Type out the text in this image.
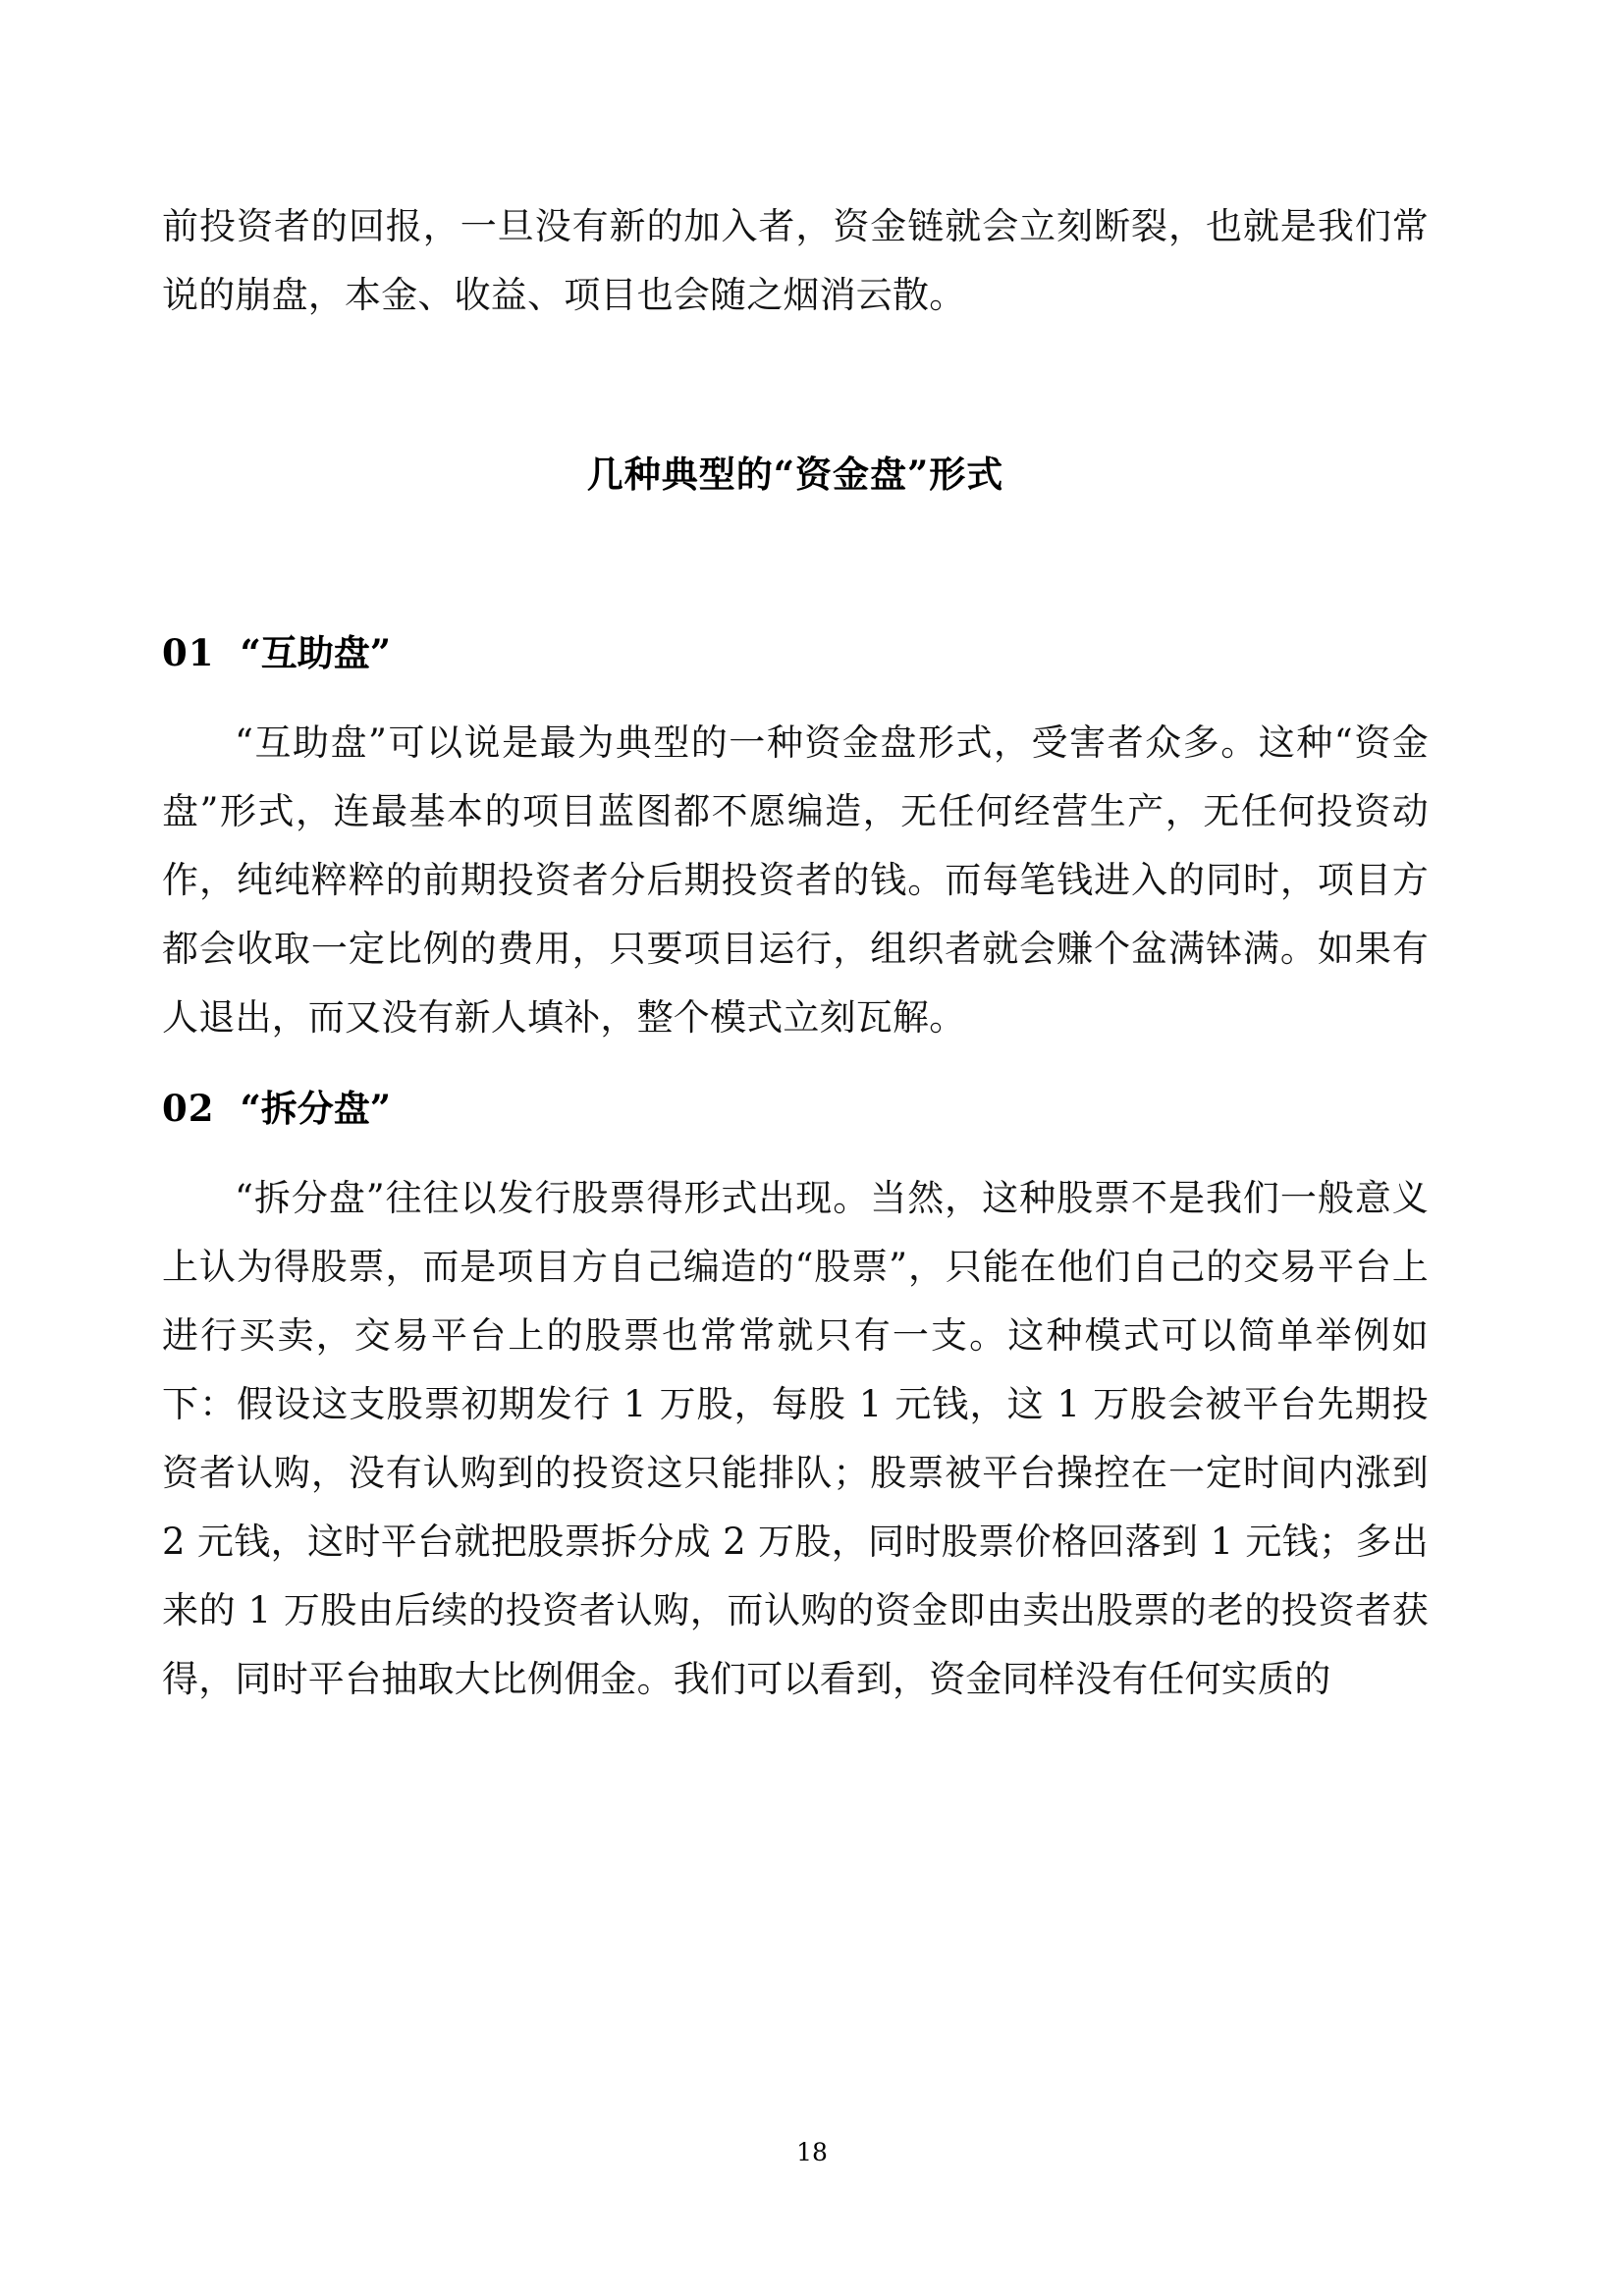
前投资者的回报，一旦没有新的加入者，资金链就会立刻断裂，也就是我们常说的崩盘，本金、收益、项目也会随之烟消云散。

几种典型的“资金盘”形式
01 “互助盘”

“互助盘”可以说是最为典型的一种资金盘形式，受害者众多。这种“资金盘”形式，连最基本的项目蓝图都不愿编造，无任何经营生产，无任何投资动作，纯纯粹粹的前期投资者分后期投资者的钱。而每笔钱进入的同时，项目方都会收取一定比例的费用，只要项目运行，组织者就会赚个盆满钵满。如果有人退出，而又没有新人填补，整个模式立刻瓦解。

02 “拆分盘”

“拆分盘”往往以发行股票得形式出现。当然，这种股票不是我们一般意义上认为得股票，而是项目方自己编造的“股票”，只能在他们自己的交易平台上进行买卖，交易平台上的股票也常常就只有一支。这种模式可以简单举例如下：假设这支股票初期发行 1 万股，每股 1 元钱，这 1 万股会被平台先期投资者认购，没有认购到的投资这只能排队；股票被平台操控在一定时间内涨到 2 元钱，这时平台就把股票拆分成 2 万股，同时股票价格回落到 1 元钱；多出来的 1 万股由后续的投资者认购，而认购的资金即由卖出股票的老的投资者获得，同时平台抽取大比例佣金。我们可以看到，资金同样没有任何实质的

18
